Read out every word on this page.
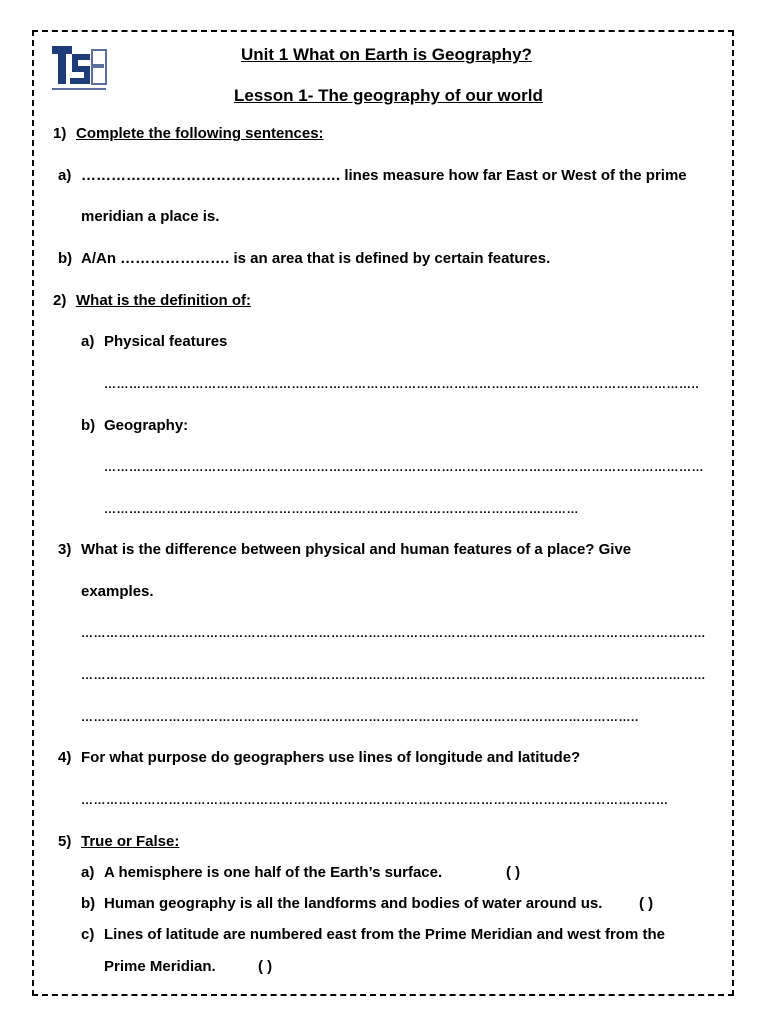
Unit 1 What on Earth is Geography?
Lesson 1- The geography of our world
1) Complete the following sentences:
a) ……………………………………………. lines measure how far East or West of the prime
meridian a place is.
b) A/An …………………. is an area that is defined by certain features.
2) What is the definition of:
a) Physical features
……………………………………………………………………………………………………………………………..
b) Geography:
………………………………………………………………………………………………………………………………
……………………………………………………………………………………………………
3) What is the difference between physical and human features of a place? Give
examples.
……………………………………………………………………………………………………………………………………
……………………………………………………………………………………………………………………………………
……………………………………………………………………………………………………………………..
4) For what purpose do geographers use lines of longitude and latitude?
……………………………………………………………………………………………………………………………
5) True or False:
a) A hemisphere is one half of the Earth’s surface.	( )
b) Human geography is all the landforms and bodies of water around us. ( )
c) Lines of latitude are numbered east from the Prime Meridian and west from the
Prime Meridian.	( )
